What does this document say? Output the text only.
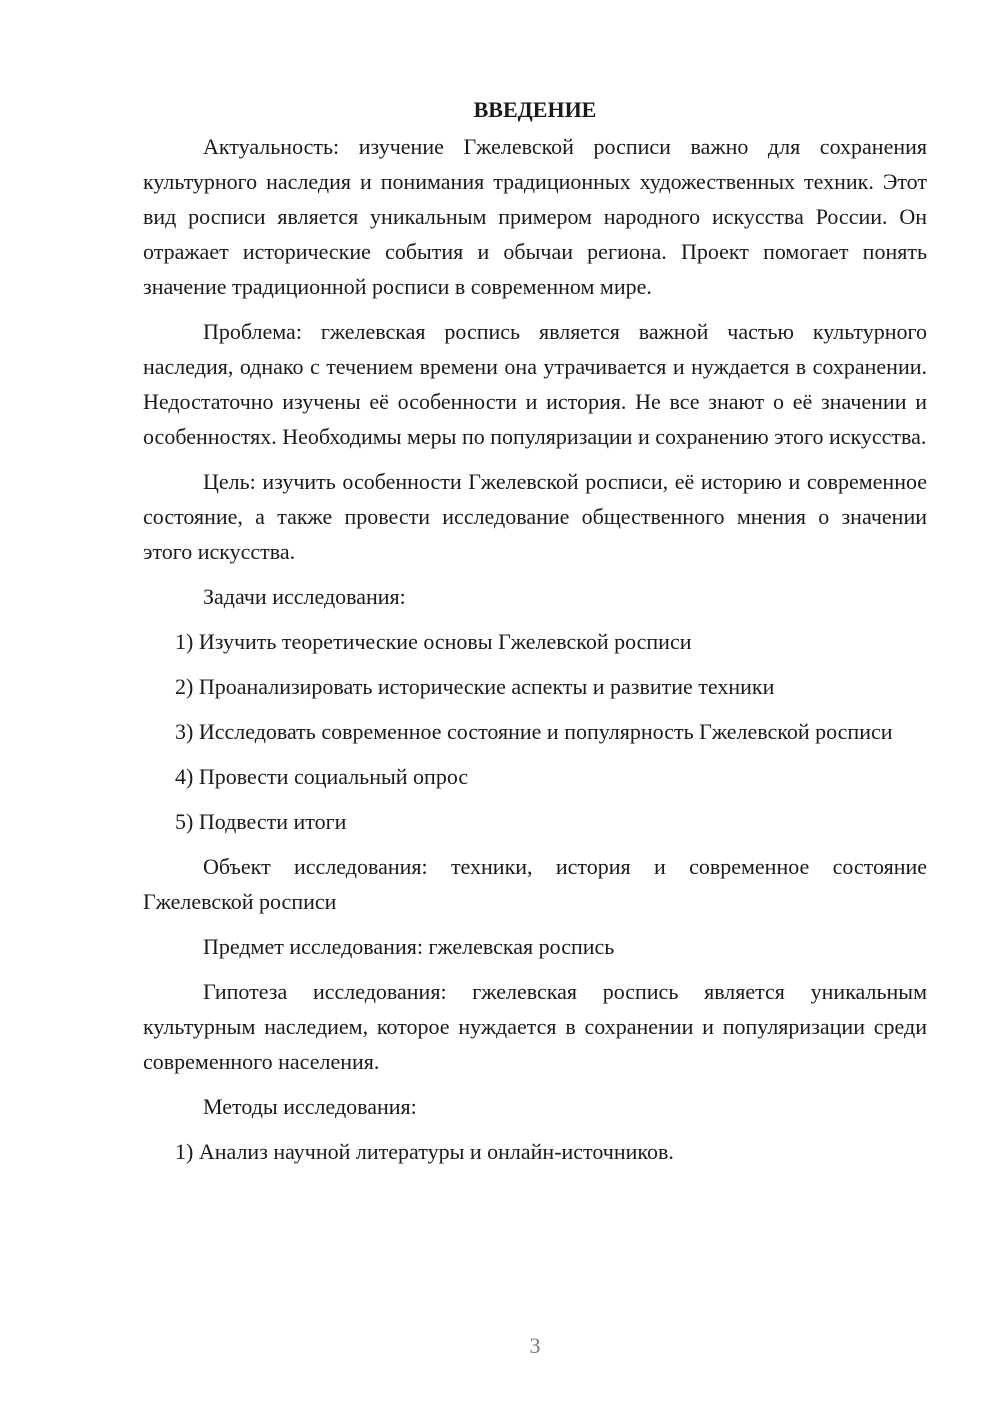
ВВЕДЕНИЕ

Актуальность: изучение Гжелевской росписи важно для сохранения культурного наследия и понимания традиционных художественных техник. Этот вид росписи является уникальным примером народного искусства России. Он отражает исторические события и обычаи региона. Проект помогает понять значение традиционной росписи в современном мире.

Проблема: гжелевская роспись является важной частью культурного наследия, однако с течением времени она утрачивается и нуждается в сохранении. Недостаточно изучены её особенности и история. Не все знают о её значении и особенностях. Необходимы меры по популяризации и сохранению этого искусства.

Цель: изучить особенности Гжелевской росписи, её историю и современное состояние, а также провести исследование общественного мнения о значении этого искусства.

Задачи исследования:

1) Изучить теоретические основы Гжелевской росписи

2) Проанализировать исторические аспекты и развитие техники

3) Исследовать современное состояние и популярность Гжелевской росписи

4) Провести социальный опрос

5) Подвести итоги

Объект исследования: техники, история и современное состояние Гжелевской росписи

Предмет исследования: гжелевская роспись

Гипотеза исследования: гжелевская роспись является уникальным культурным наследием, которое нуждается в сохранении и популяризации среди современного населения.

Методы исследования:

1) Анализ научной литературы и онлайн-источников.

3
